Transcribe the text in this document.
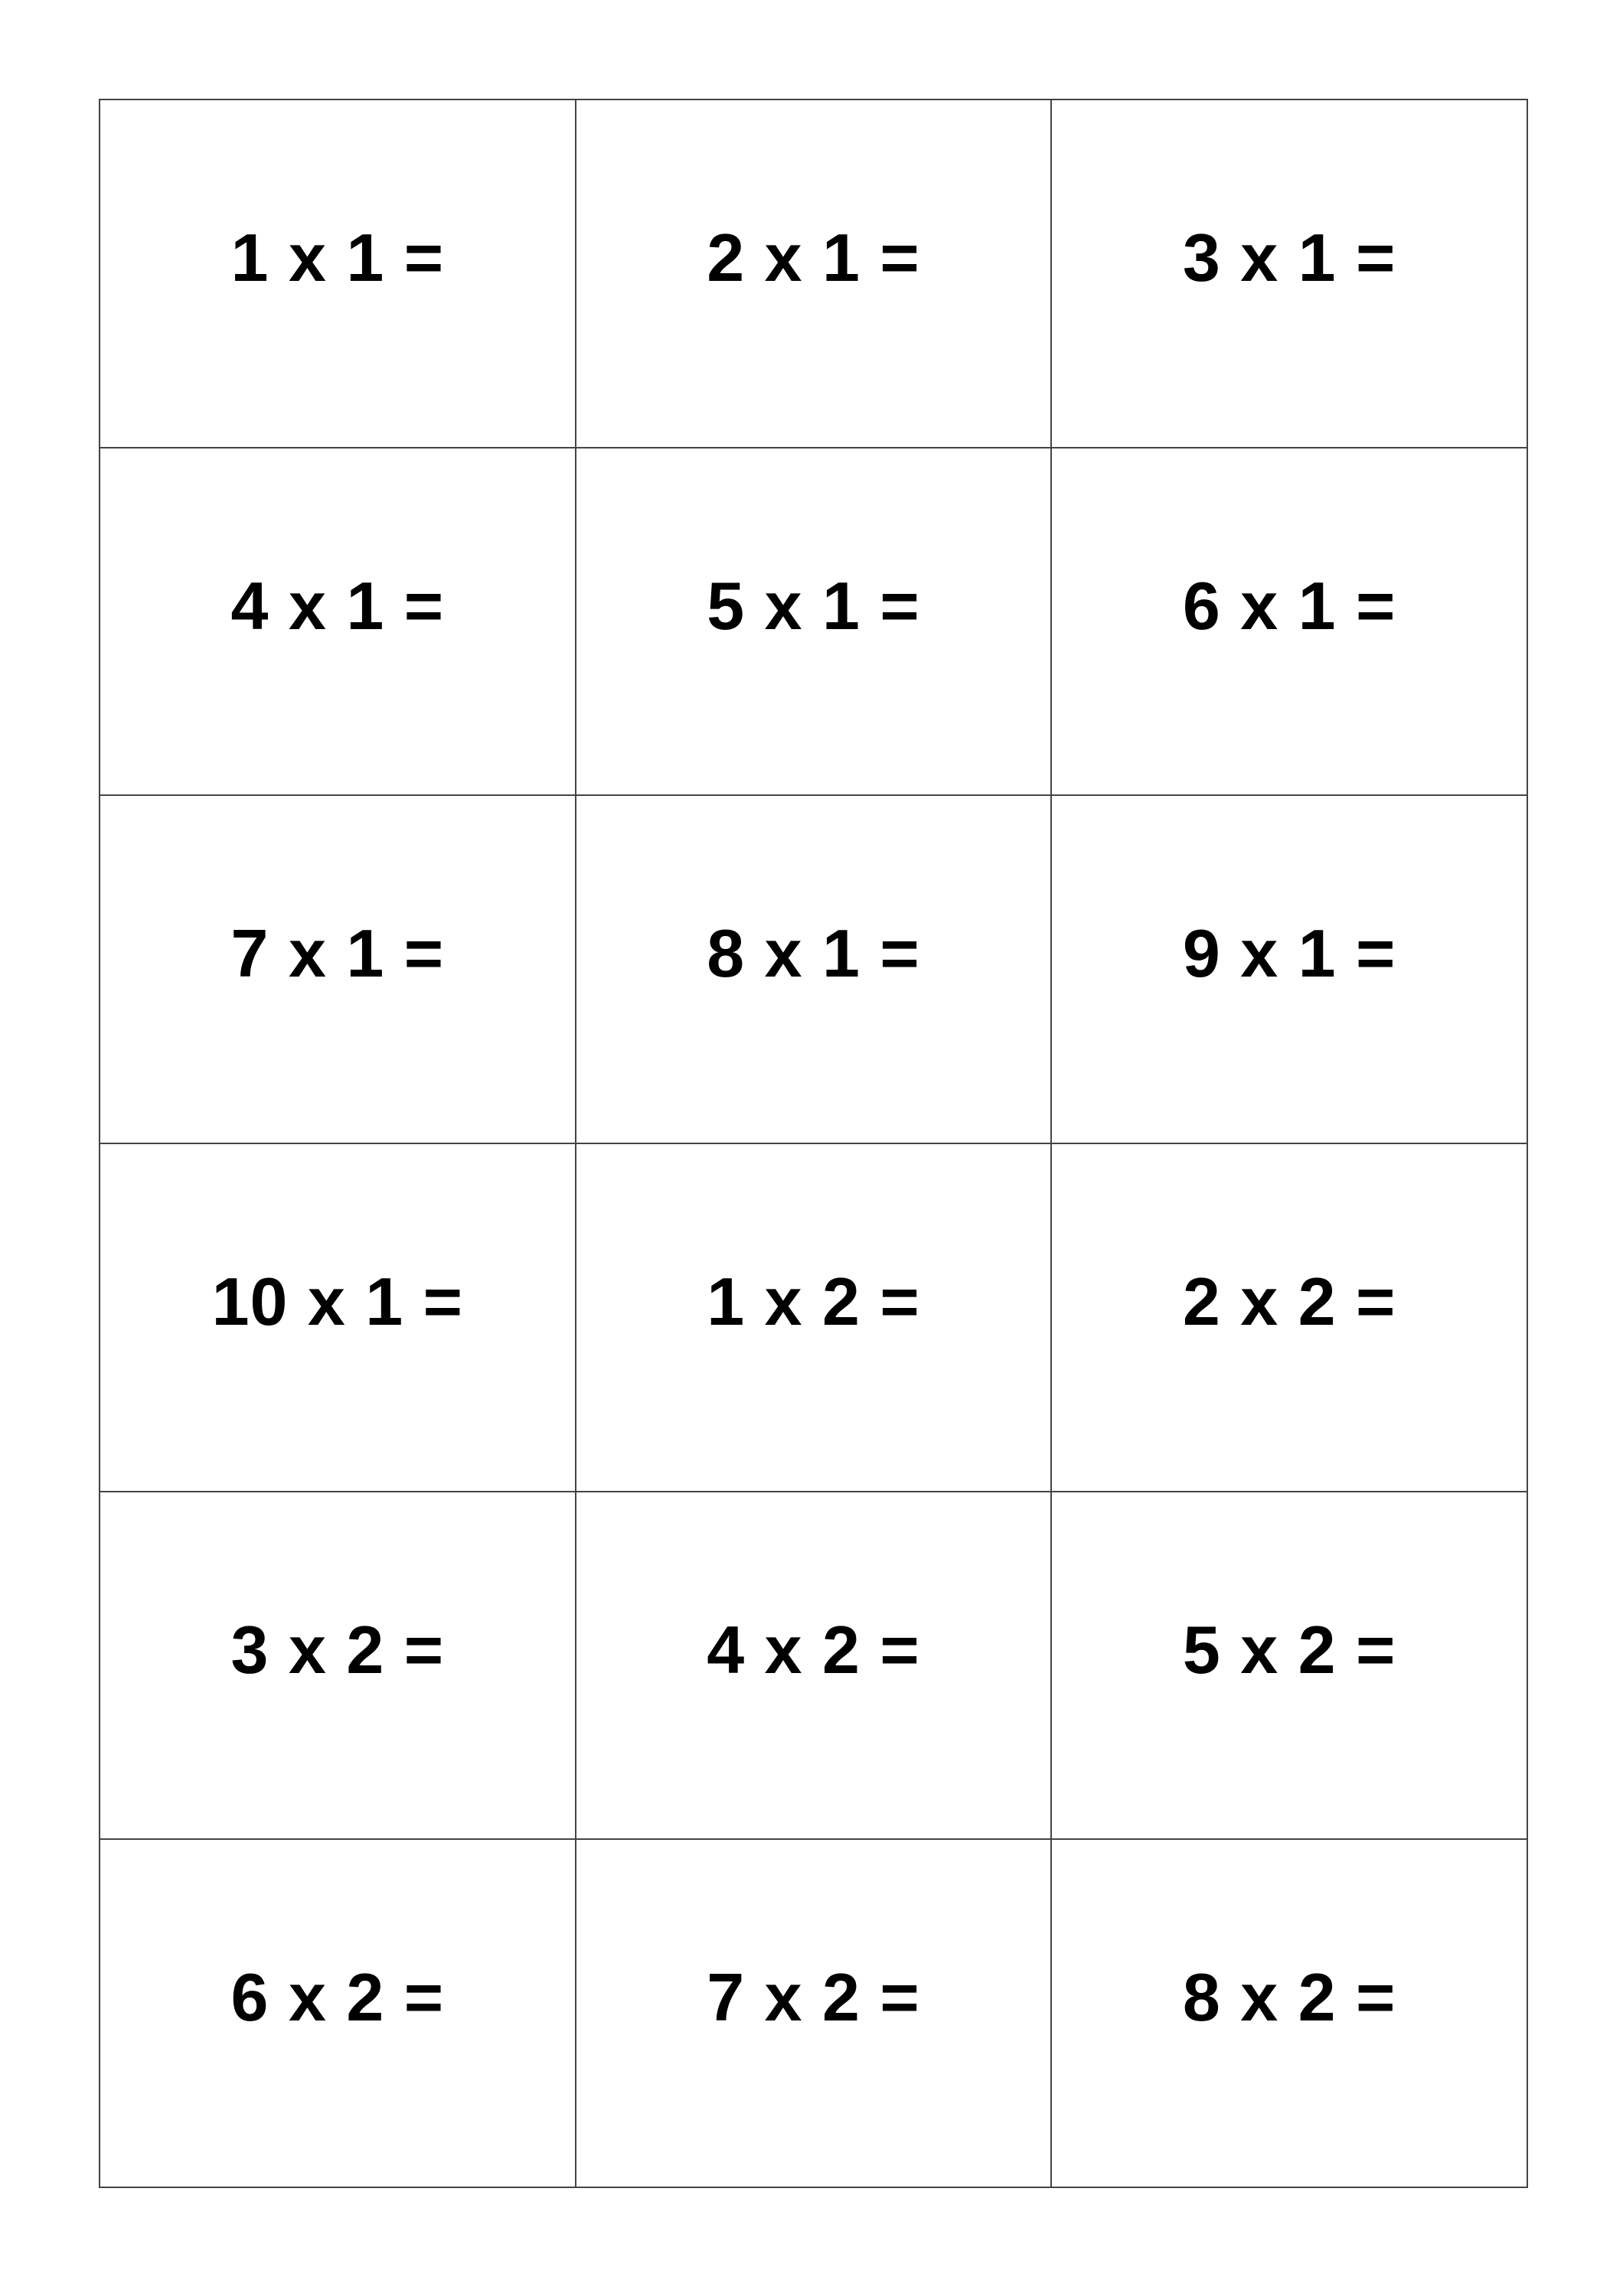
1 x 1 =	2 x 1 =	3 x 1 =
4 x 1 =	5 x 1 =	6 x 1 =
7 x 1 =	8 x 1 =	9 x 1 =
10 x 1 =	1 x 2 =	2 x 2 =
3 x 2 =	4 x 2 =	5 x 2 =
6 x 2 =	7 x 2 =	8 x 2 =
